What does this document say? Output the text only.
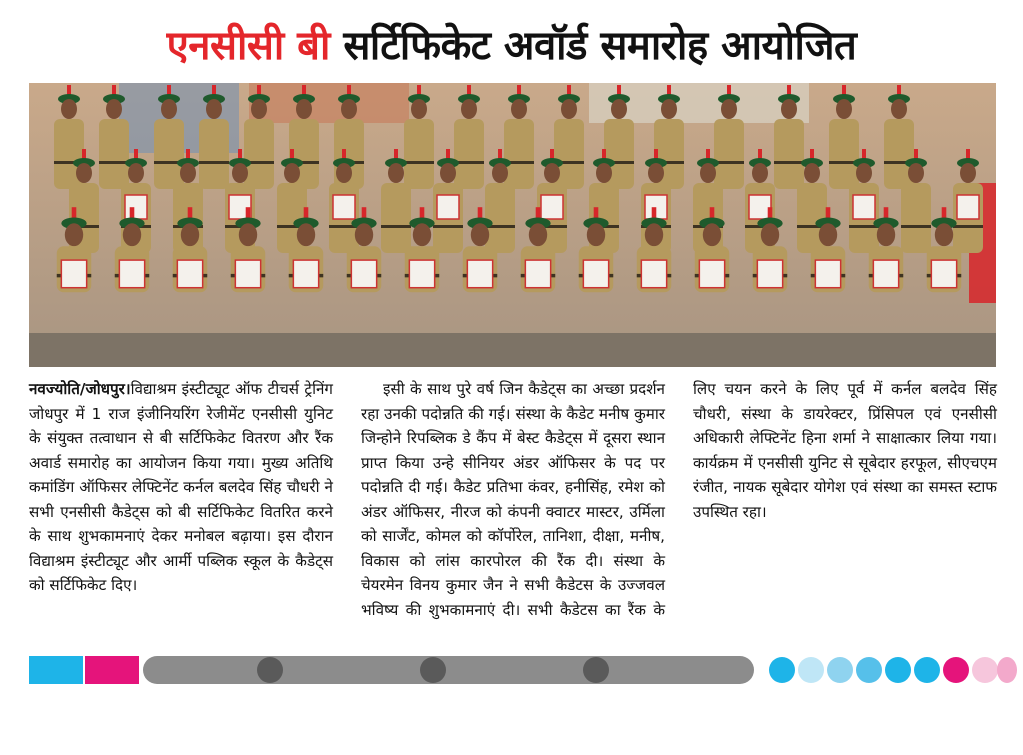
एनसीसी बी सर्टिफिकेट अवॉर्ड समारोह आयोजित

नवज्योति/जोधपुर।विद्याश्रम इंस्टीट्यूट ऑफ टीचर्स ट्रेनिंग जोधपुर में 1 राज इंजीनियरिंग रेजीमेंट एनसीसी युनिट के संयुक्त तत्वाधान से बी सर्टिफिकेट वितरण और रैंक अवार्ड समारोह का आयोजन किया गया। मुख्य अतिथि कमांडिंग ऑफिसर लेफ्टिनेंट कर्नल बलदेव सिंह चौधरी ने सभी एनसीसी कैडेट्स को बी सर्टिफिकेट वितरित करने के साथ शुभकामनाएं देकर मनोबल बढ़ाया। इस दौरान विद्याश्रम इंस्टीट्यूट और आर्मी पब्लिक स्कूल के कैडेट्स को सर्टिफिकेट दिए।

इसी के साथ पुरे वर्ष जिन कैडेट्स का अच्छा प्रदर्शन रहा उनकी पदोन्नति की गई। संस्था के कैडेट मनीष कुमार जिन्होने रिपब्लिक डे कैंप में बेस्ट कैडेट्स में दूसरा स्थान प्राप्त किया उन्हे सीनियर अंडर ऑफिसर के पद पर पदोन्नति दी गई। कैडेट प्रतिभा कंवर, हनीसिंह, रमेश को अंडर ऑफिसर, नीरज को कंपनी क्वाटर मास्टर, उर्मिला को सार्जेंट, कोमल को कॉर्पोरेल, तानिशा, दीक्षा, मनीष, विकास को लांस कारपोरल की रैंक दी। संस्था के चेयरमेन विनय कुमार जैन ने सभी कैडेटस के उज्जवल भविष्य की शुभकामनाएं दी। सभी कैडेटस का रैंक के लिए चयन करने के लिए पूर्व में कर्नल बलदेव सिंह चौधरी, संस्था के डायरेक्टर, प्रिंसिपल एवं एनसीसी अधिकारी लेफ्टिनेंट हिना शर्मा ने साक्षात्कार लिया गया। कार्यक्रम में एनसीसी युनिट से सूबेदार हरफूल, सीएचएम रंजीत, नायक सूबेदार योगेश एवं संस्था का समस्त स्टाफ उपस्थित रहा।
